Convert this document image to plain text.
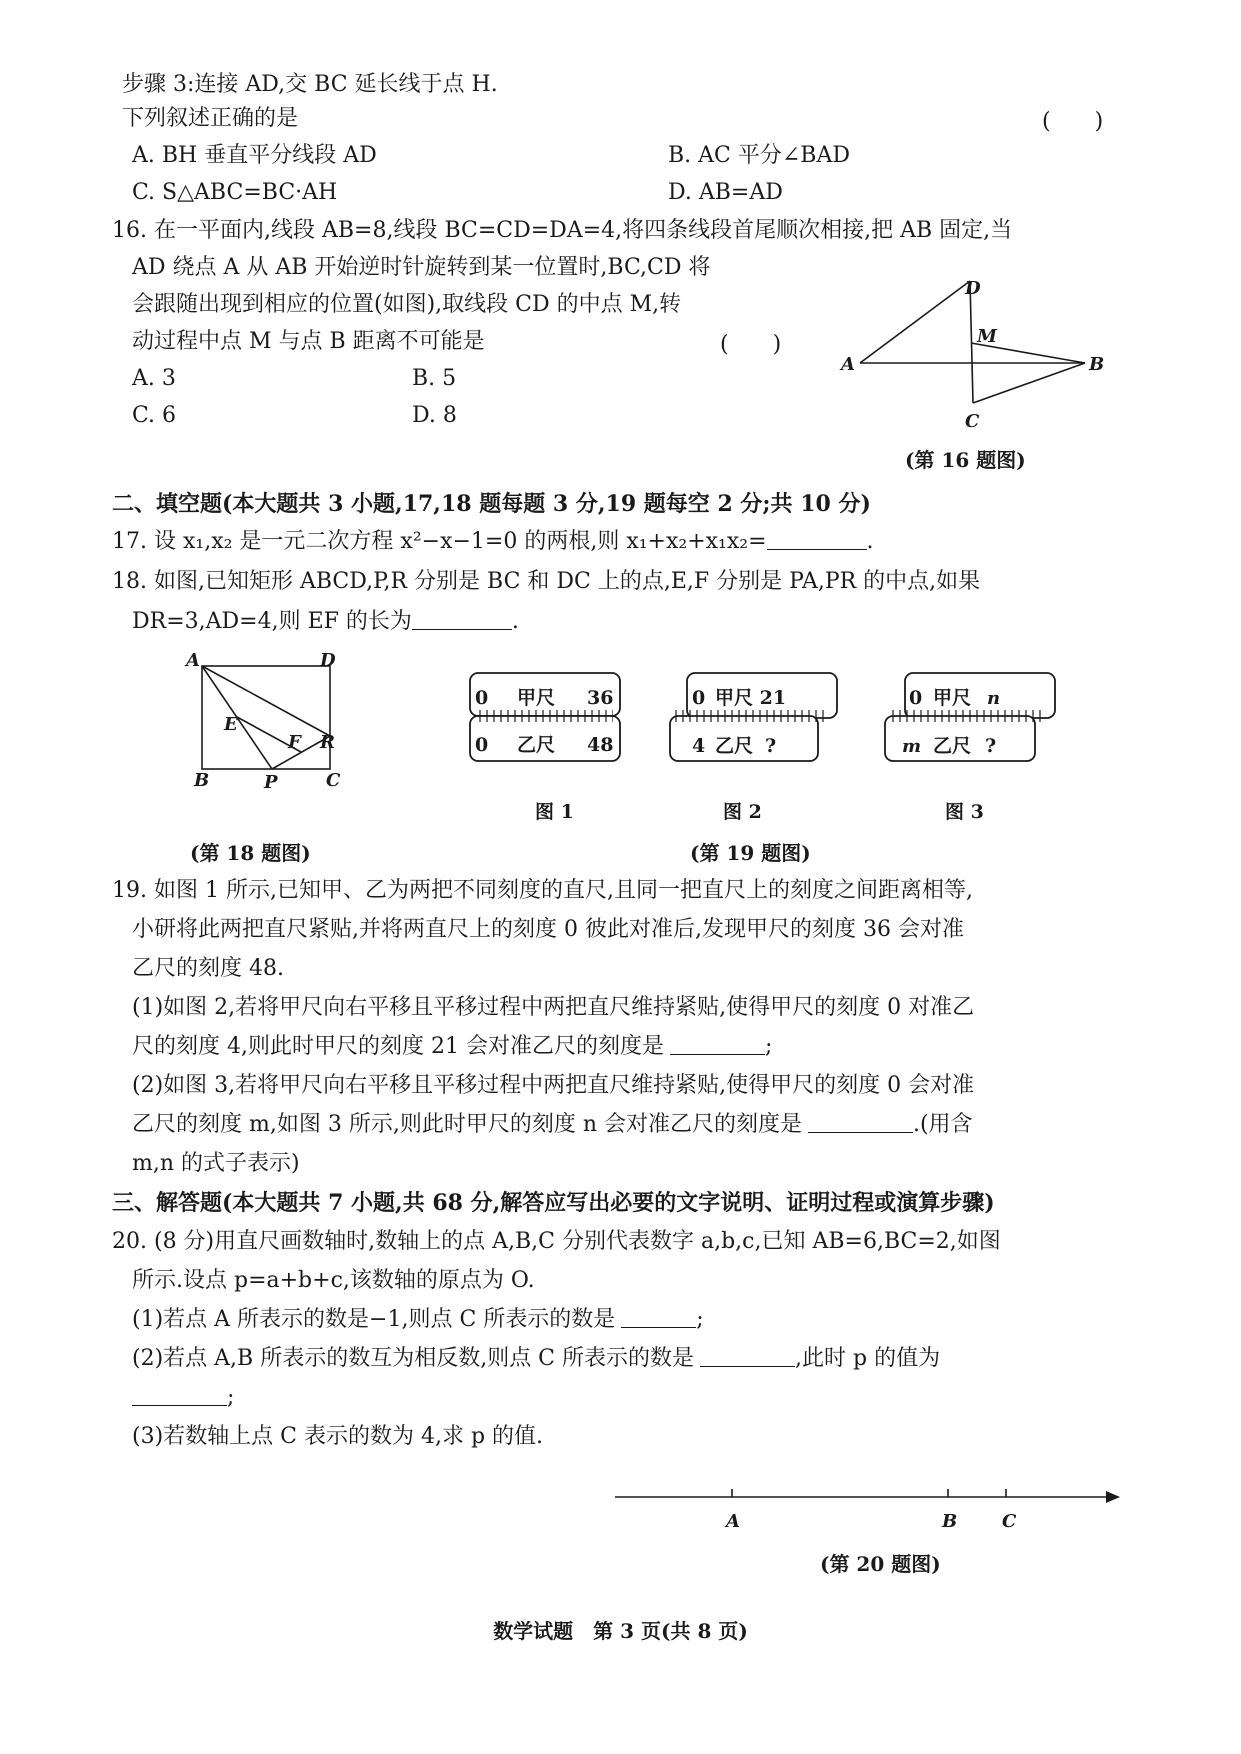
步骤 3:连接 AD,交 BC 延长线于点 H.
下列叙述正确的是	(　　)
A. BH 垂直平分线段 AD	B. AC 平分∠BAD
C. S△ABC=BC·AH	D. AB=AD
16. 在一平面内,线段 AB=8,线段 BC=CD=DA=4,将四条线段首尾顺次相接,把 AB 固定,当
AD 绕点 A 从 AB 开始逆时针旋转到某一位置时,BC,CD 将
会跟随出现到相应的位置(如图),取线段 CD 的中点 M,转
动过程中点 M 与点 B 距离不可能是	(　　)
A. 3	B. 5
C. 6	D. 8
D
M
A	B
C
(第 16 题图)
二、填空题(本大题共 3 小题,17,18 题每题 3 分,19 题每空 2 分;共 10 分)
17. 设 x₁,x₂ 是一元二次方程 x²−x−1=0 的两根,则 x₁+x₂+x₁x₂=	.
18. 如图,已知矩形 ABCD,P,R 分别是 BC 和 DC 上的点,E,F 分别是 PA,PR 的中点,如果
DR=3,AD=4,则 EF 的长为	.
A	D
E
F R
B	P	C
(第 18 题图)
0 甲尺 36
0 乙尺 48
图 1
0 甲尺 21
4 乙尺 ?
图 2
0 甲尺 n
m 乙尺 ?
图 3
(第 19 题图)
19. 如图 1 所示,已知甲、乙为两把不同刻度的直尺,且同一把直尺上的刻度之间距离相等,
小研将此两把直尺紧贴,并将两直尺上的刻度 0 彼此对准后,发现甲尺的刻度 36 会对准
乙尺的刻度 48.
(1)如图 2,若将甲尺向右平移且平移过程中两把直尺维持紧贴,使得甲尺的刻度 0 对准乙
尺的刻度 4,则此时甲尺的刻度 21 会对准乙尺的刻度是	;
(2)如图 3,若将甲尺向右平移且平移过程中两把直尺维持紧贴,使得甲尺的刻度 0 会对准
乙尺的刻度 m,如图 3 所示,则此时甲尺的刻度 n 会对准乙尺的刻度是	.(用含
m,n 的式子表示)
三、解答题(本大题共 7 小题,共 68 分,解答应写出必要的文字说明、证明过程或演算步骤)
20. (8 分)用直尺画数轴时,数轴上的点 A,B,C 分别代表数字 a,b,c,已知 AB=6,BC=2,如图
所示.设点 p=a+b+c,该数轴的原点为 O.
(1)若点 A 所表示的数是−1,则点 C 所表示的数是	;
(2)若点 A,B 所表示的数互为相反数,则点 C 所表示的数是	,此时 p 的值为
;
(3)若数轴上点 C 表示的数为 4,求 p 的值.
A	B C
(第 20 题图)
数学试题　第 3 页(共 8 页)
